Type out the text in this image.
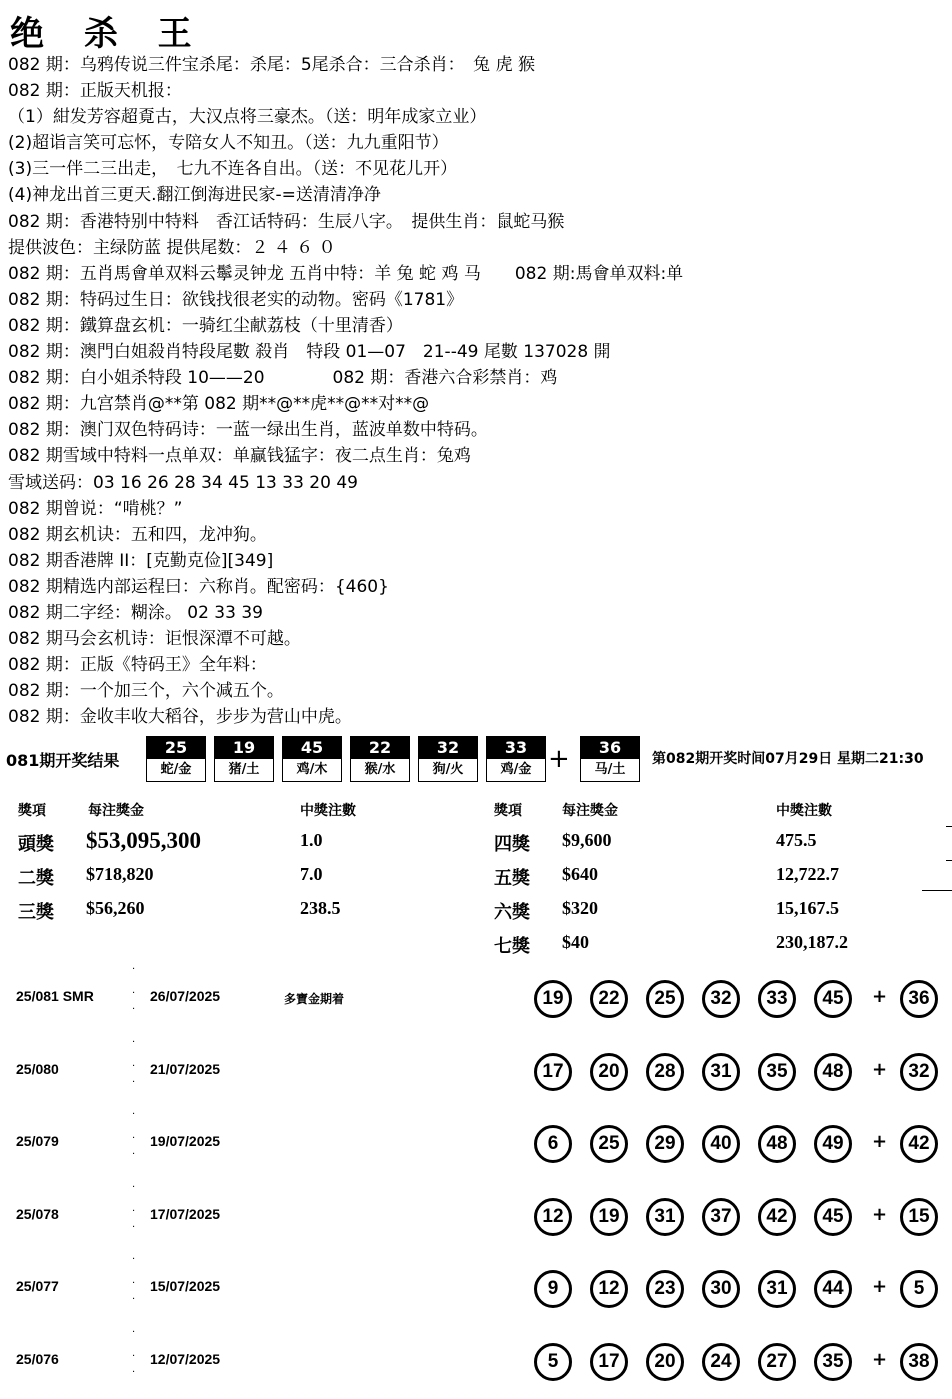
绝 杀 王
082 期：乌鸦传说三件宝杀尾：杀尾：5尾杀合：三合杀肖：　兔 虎 猴
082 期：正版天机报：
（1）紺发芳容超覔古，大汉点将三豪杰。（送：明年成家立业）
(2)超诣言笑可忘怀，专陪女人不知丑。（送：九九重阳节）
(3)三一伴二三出走，　七九不连各自出。（送：不见花儿开）
(4)神龙出首三更天.翻江倒海进民家-=送清清净净
082 期：香港特别中特料　香江话特码：生辰八字。　提供生肖：鼠蛇马猴
提供波色：主绿防蓝 提供尾数：２ ４ ６ ０
082 期：五肖馬會单双料云鬡灵钟龙 五肖中特：羊 兔 蛇 鸡 马　　082 期:馬會单双料:单
082 期：特码过生日：欲钱找很老实的动物。密码《1781》
082 期：鐵算盘玄机：一骑红尘献荔枝（十里清香）
082 期：澳門白姐殺肖特段尾數 殺肖　特段 01—07　21--49 尾數 137028 開
082 期：白小姐杀特段 10——20　　　　082 期：香港六合彩禁肖：鸡
082 期：九宫禁肖@**第 082 期**@**虎**@**对**@
082 期：澳门双色特码诗：一蓝一绿出生肖，蓝波单数中特码。
082 期雪域中特料一点单双：单赢钱猛字：夜二点生肖：兔鸡
雪域送码：03 16 26 28 34 45 13 33 20 49
082 期曾说：“啃桃？”
082 期玄机诀：五和四，龙冲狗。
082 期香港牌 II：[克勤克俭][349]
082 期精选内部运程曰：六称肖。配密码：{460}
082 期二字经：糊涂。 02 33 39
082 期马会玄机诗：讵恨深潭不可越。
082 期：正版《特码王》全年料：
082 期：一个加三个，六个减五个。
082 期：金收丰收大稻谷，步步为营山中虎。
081期开奖结果
25
蛇/金
19
猪/土
45
鸡/木
22
猴/水
32
狗/火
33
鸡/金 +	36
马/土
第082期开奖时间07月29日 星期二21:30
獎項	每注獎金	中獎注數	獎項	每注獎金	中獎注數
頭獎 $53,095,300	1.0
二獎 $718,820	7.0
三獎 $56,260	238.5
四獎 $9,600	475.5
五獎 $640	12,722.7
六獎 $320	15,167.5
七獎 $40	230,187.2
25/081 SMR	26/07/2025	多寶金期着
·

·

·
19	22	25	32	33	45	+	36
25/080	21/07/2025
·

·

·
17	20	28	31	35	48	+	32
25/079	19/07/2025
·

·

·
6	25	29	40	48	49	+	42
25/078	17/07/2025
·

·

·
12	19	31	37	42	45	+	15
25/077	15/07/2025
·

·

·
9	12	23	30	31	44	+	5
25/076	12/07/2025
·

·

·
5	17	20	24	27	35	+	38
